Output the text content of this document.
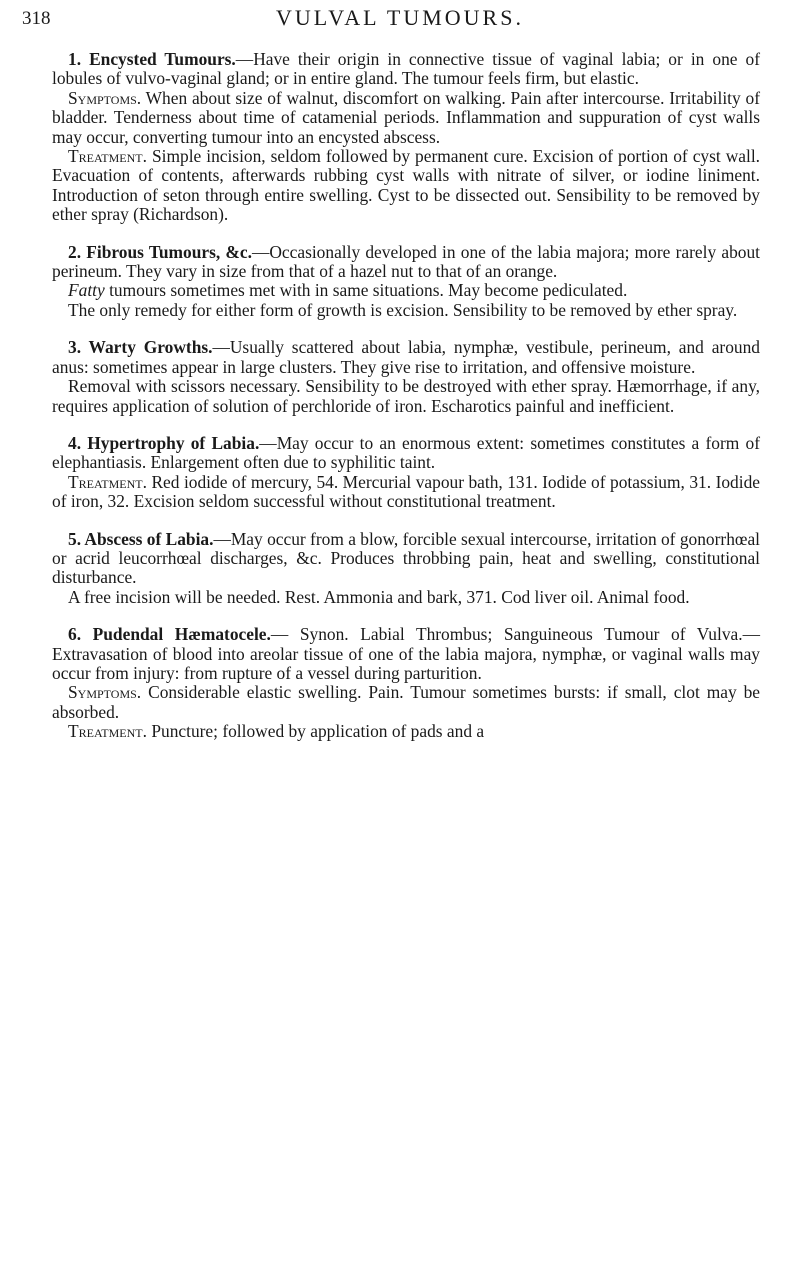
318	VULVAL TUMOURS.

1. Encysted Tumours.—Have their origin in connective tissue of vaginal labia; or in one of lobules of vulvo-vaginal gland; or in entire gland. The tumour feels firm, but elastic.

Symptoms. When about size of walnut, discomfort on walking. Pain after intercourse. Irritability of bladder. Tenderness about time of catamenial periods. Inflammation and suppuration of cyst walls may occur, converting tumour into an encysted abscess.

Treatment. Simple incision, seldom followed by permanent cure. Excision of portion of cyst wall. Evacuation of contents, afterwards rubbing cyst walls with nitrate of silver, or iodine liniment. Introduction of seton through entire swelling. Cyst to be dissected out. Sensibility to be removed by ether spray (Richardson).

2. Fibrous Tumours, &c.—Occasionally developed in one of the labia majora; more rarely about perineum. They vary in size from that of a hazel nut to that of an orange.

Fatty tumours sometimes met with in same situations. May become pediculated.

The only remedy for either form of growth is excision. Sensibility to be removed by ether spray.

3. Warty Growths.—Usually scattered about labia, nymphæ, vestibule, perineum, and around anus: sometimes appear in large clusters. They give rise to irritation, and offensive moisture.

Removal with scissors necessary. Sensibility to be destroyed with ether spray. Hæmorrhage, if any, requires application of solution of perchloride of iron. Escharotics painful and inefficient.

4. Hypertrophy of Labia.—May occur to an enormous extent: sometimes constitutes a form of elephantiasis. Enlargement often due to syphilitic taint.

Treatment. Red iodide of mercury, 54. Mercurial vapour bath, 131. Iodide of potassium, 31. Iodide of iron, 32. Excision seldom successful without constitutional treatment.

5. Abscess of Labia.—May occur from a blow, forcible sexual intercourse, irritation of gonorrhœal or acrid leucorrhœal discharges, &c. Produces throbbing pain, heat and swelling, constitutional disturbance.

A free incision will be needed. Rest. Ammonia and bark, 371. Cod liver oil. Animal food.

6. Pudendal Hæmatocele.— Synon. Labial Thrombus; Sanguineous Tumour of Vulva.—Extravasation of blood into areolar tissue of one of the labia majora, nymphæ, or vaginal walls may occur from injury: from rupture of a vessel during parturition.

Symptoms. Considerable elastic swelling. Pain. Tumour sometimes bursts: if small, clot may be absorbed.

Treatment. Puncture; followed by application of pads and a
